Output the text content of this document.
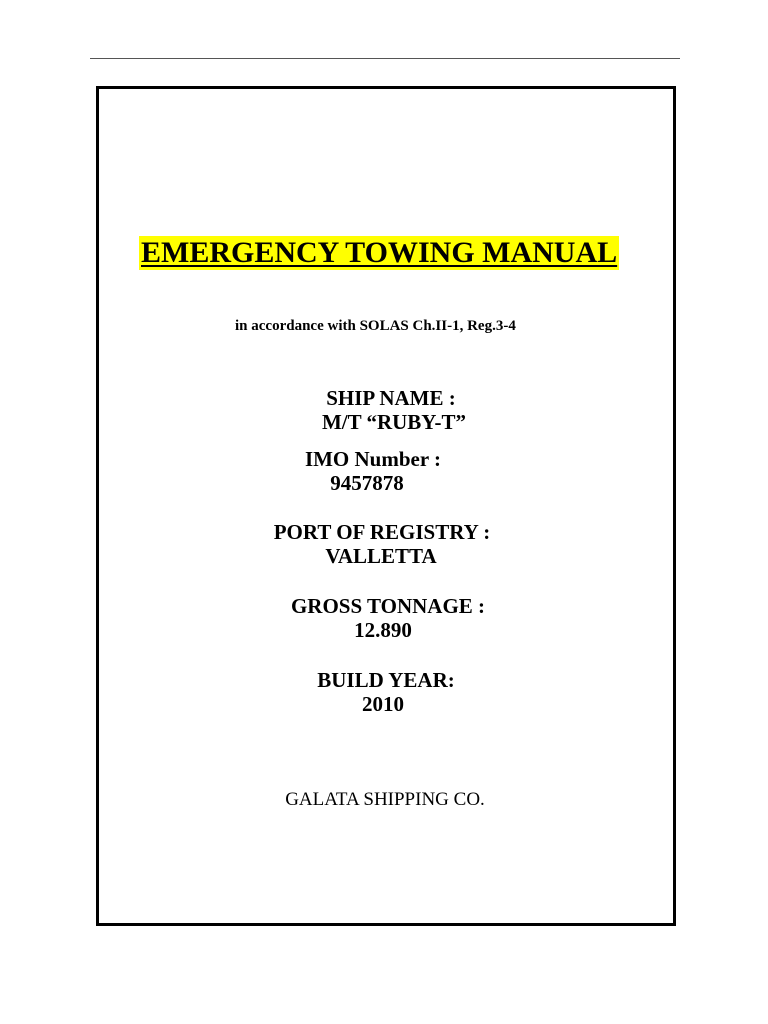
EMERGENCY TOWING MANUAL
in accordance with SOLAS Ch.II-1, Reg.3-4
SHIP NAME :
M/T “RUBY-T”
IMO Number :
9457878
PORT OF REGISTRY :
VALLETTA
GROSS TONNAGE :
12.890
BUILD YEAR:
2010
GALATA SHIPPING CO.
